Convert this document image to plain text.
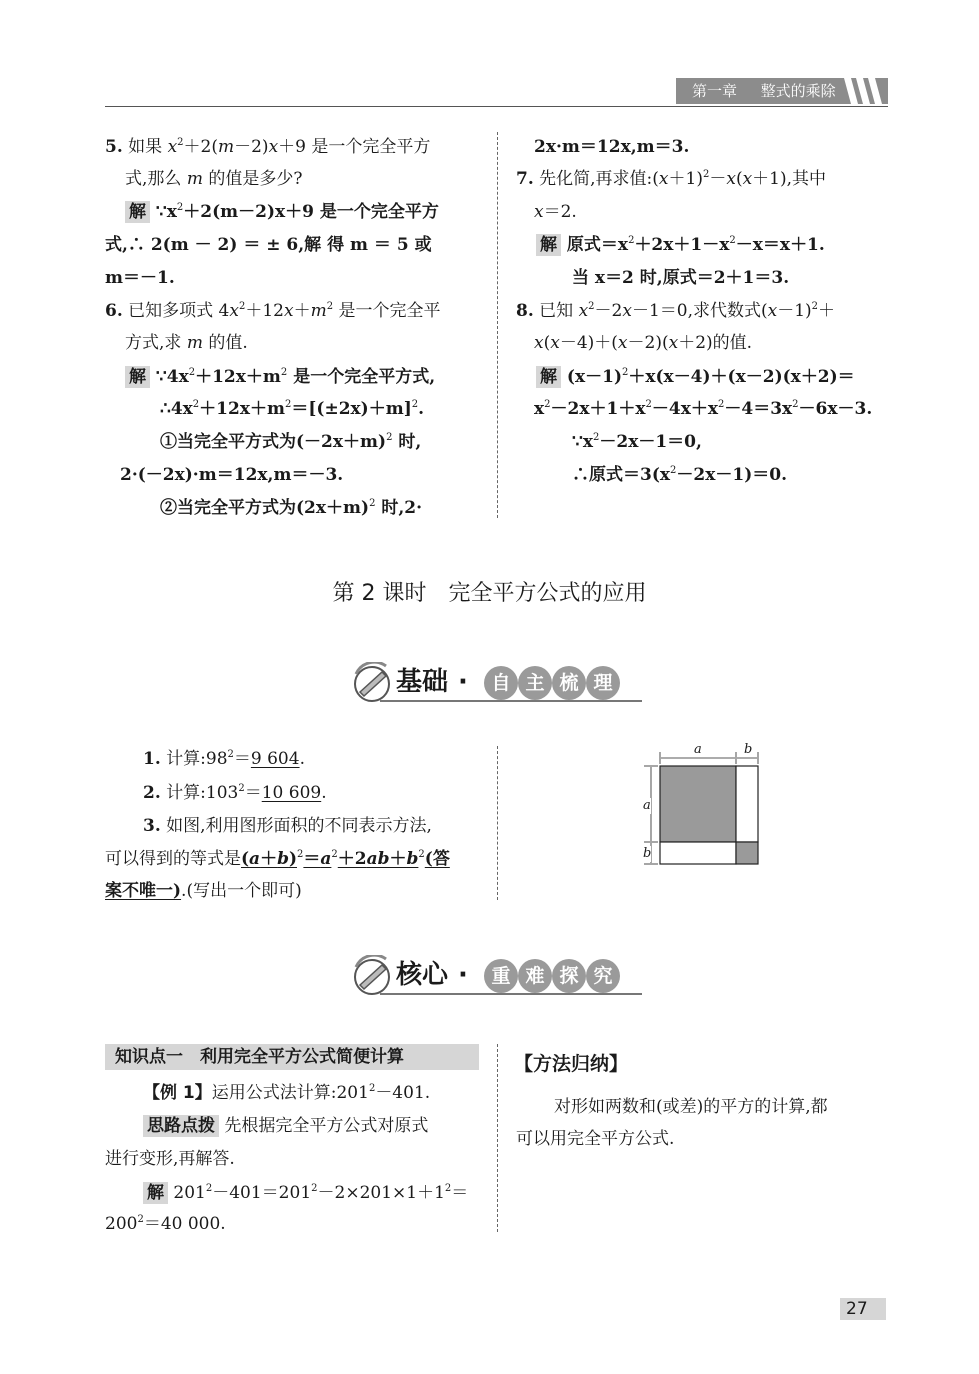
第一章 整式的乘除
5. 如果 $x^2+2(m-2)x+9$ 是一个完全平方
式,那么 m 的值是多少?
解 $\because x^2+2(m-2)x+9$ 是一个完全平方
式,∴ 2(m － 2) ＝ ± 6,解 得 m ＝ 5 或
m＝－1.
6. 已知多项式 $4x^2+12x+m^2$ 是一个完全平
方式,求 m 的值.
解 $\because 4x^2+12x+m^2$ 是一个完全平方式,
$\therefore 4x^2+12x+m^2=[(\pm 2x)+m]^2$.
①当完全平方式为$(-2x+m)^2$ 时,
2·(－2x)·m＝12x,m＝－3.
②当完全平方式为$(2x+m)^2$ 时,2·
2x·m＝12x,m＝3.
7. 先化简,再求值$:(x+1)^2-x(x+1)$,其中
x＝2.
解 原式$=x^2+2x+1-x^2-x=x+1$.
当 x＝2 时,原式＝2＋1＝3.
8. 已知 $x^2-2x-1=0$,求代数式$(x-1)^2+$
x(x－4)＋(x－2)(x＋2)的值.
解 $(x-1)^2+x(x-4)+(x-2)(x+2)=$
$x^2-2x+1+x^2-4x+x^2-4=3x^2-6x-3$.
$\because x^2-2x-1=0$,
∴原式$=3(x^2-2x-1)=0$.
第 2 课时　完全平方公式的应用
基础 ·	自 主 梳 理
1. 计算$:98^2=9$ 604.
2. 计算$:103^2=10$ 609.
3. 如图,利用图形面积的不同表示方法,
可以得到的等式是$(a+b)^2=a^2+2ab+b^2$(答
案不唯一).(写出一个即可)
a	b
a
b
核心 ·	重 难 探 究
知识点一　利用完全平方公式简便计算
【例 1】运用公式法计算$:201^2-401$.
思路点拨 先根据完全平方公式对原式
进行变形,再解答.
解 $201^2-401=201^2-2\times 201\times 1+1^2=$
$200^2=40$ 000.
【方法归纳】
对形如两数和(或差)的平方的计算,都
可以用完全平方公式.
27
